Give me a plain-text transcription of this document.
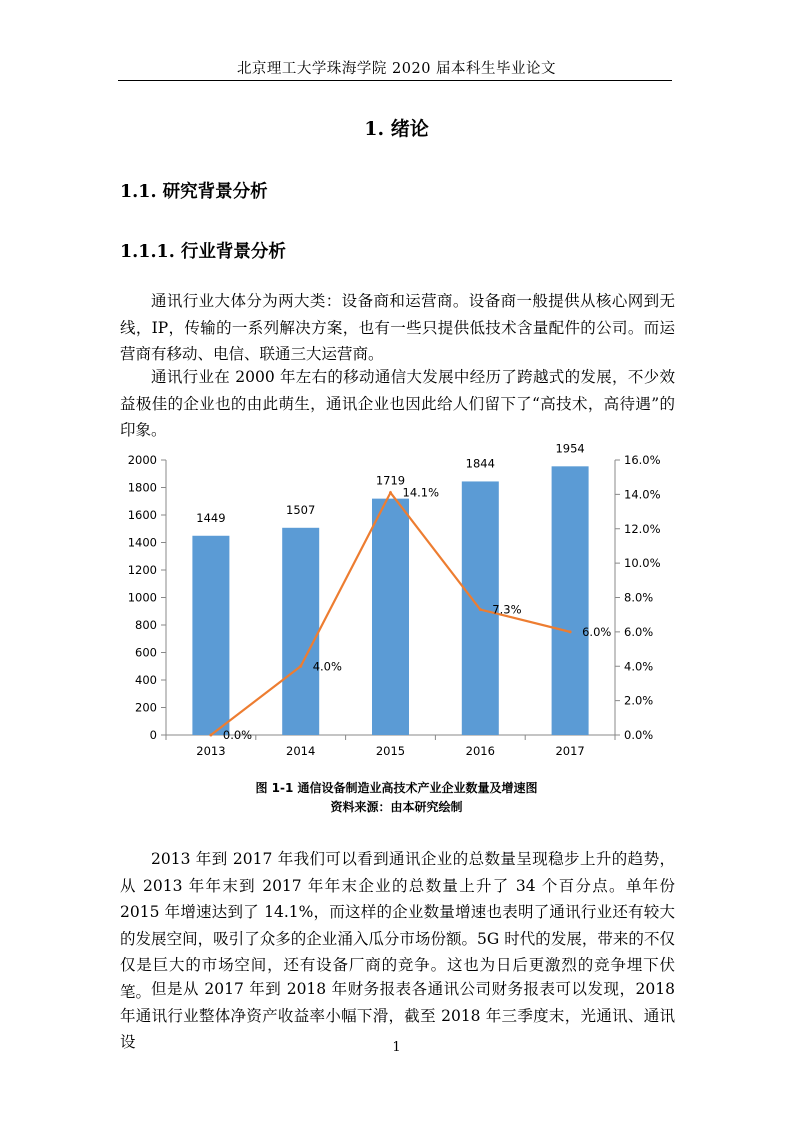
北京理工大学珠海学院 2020 届本科生毕业论文
1. 绪论
1.1. 研究背景分析
1.1.1. 行业背景分析

通讯行业大体分为两大类：设备商和运营商。设备商一般提供从核心网到无线，IP，传输的一系列解决方案，也有一些只提供低技术含量配件的公司。而运营商有移动、电信、联通三大运营商。

通讯行业在 2000 年左右的移动通信大发展中经历了跨越式的发展，不少效益极佳的企业也的由此萌生，通讯企业也因此给人们留下了“高技术，高待遇”的印象。

0
200
400
600
800
1000
1200
1400
1600
1800
2000
0.0%
2.0%
4.0%
6.0%
8.0%
10.0%
12.0%
14.0%
16.0%
2013	2014	2015	2016	2017
1449
1507
1719
1844
1954
0.0%
4.0%
14.1%
7.3%
6.0%
图 1-1 通信设备制造业高技术产业企业数量及增速图
资料来源：由本研究绘制

2013 年到 2017 年我们可以看到通讯企业的总数量呈现稳步上升的趋势，从 2013 年年末到 2017 年年末企业的总数量上升了 34 个百分点。单年份 2015 年增速达到了 14.1%，而这样的企业数量增速也表明了通讯行业还有较大的发展空间，吸引了众多的企业涌入瓜分市场份额。5G 时代的发展，带来的不仅仅是巨大的市场空间，还有设备厂商的竞争。这也为日后更激烈的竞争埋下伏笔。 但是从 2017 年到 2018 年财务报表各通讯公司财务报表可以发现，2018 年通讯行业整体净资产收益率小幅下滑，截至 2018 年三季度末，光通讯、通讯设	1
